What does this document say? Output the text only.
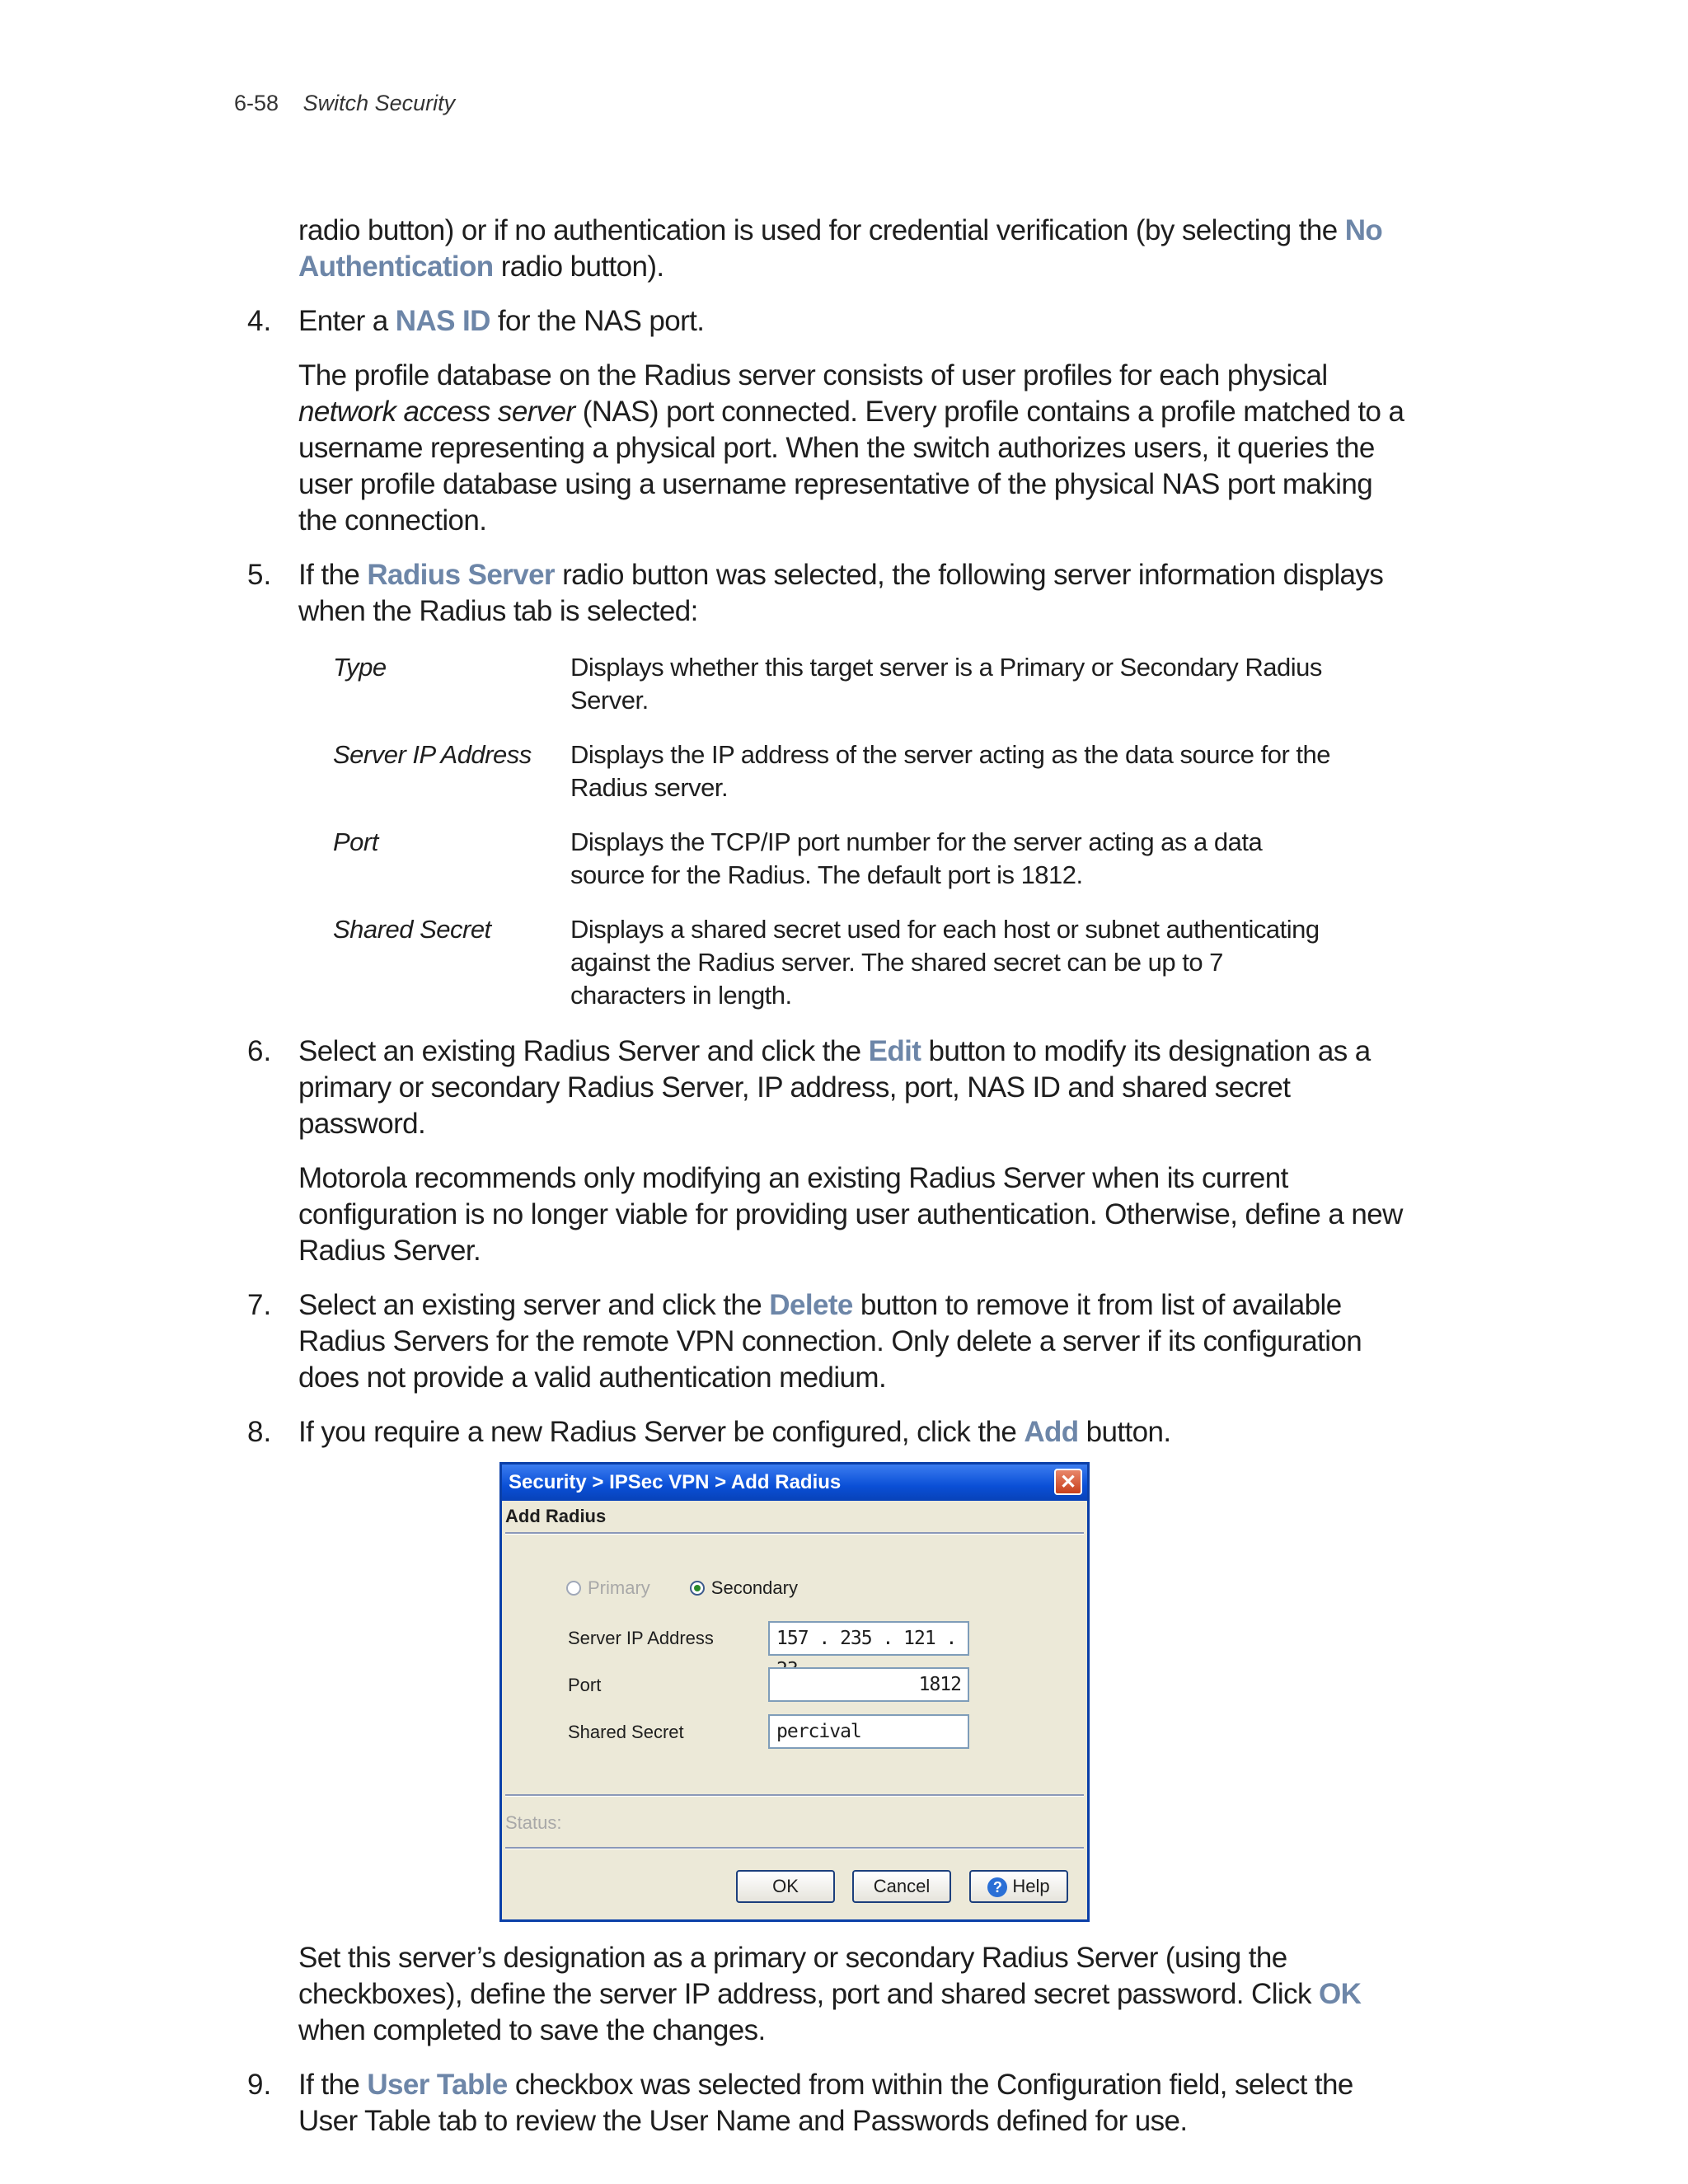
6-58 Switch Security

radio button) or if no authentication is used for credential verification (by selecting the No Authentication radio button).

4. Enter a NAS ID for the NAS port.

The profile database on the Radius server consists of user profiles for each physical network access server (NAS) port connected. Every profile contains a profile matched to a username representing a physical port. When the switch authorizes users, it queries the user profile database using a username representative of the physical NAS port making the connection.

5. If the Radius Server radio button was selected, the following server information displays when the Radius tab is selected:

Type	Displays whether this target server is a Primary or Secondary Radius Server.
Server IP Address	Displays the IP address of the server acting as the data source for the Radius server.
Port	Displays the TCP/IP port number for the server acting as a data source for the Radius. The default port is 1812.
Shared Secret	Displays a shared secret used for each host or subnet authenticating against the Radius server. The shared secret can be up to 7 characters in length.
6. Select an existing Radius Server and click the Edit button to modify its designation as a primary or secondary Radius Server, IP address, port, NAS ID and shared secret password.

Motorola recommends only modifying an existing Radius Server when its current configuration is no longer viable for providing user authentication. Otherwise, define a new Radius Server.

7. Select an existing server and click the Delete button to remove it from list of available Radius Servers for the remote VPN connection. Only delete a server if its configuration does not provide a valid authentication medium.

8. If you require a new Radius Server be configured, click the Add button.

Security > IPSec VPN > Add Radius	✕
Add Radius
Primary	Secondary
Server IP Address	157 . 235 . 121 .
Port	1812
Shared Secret	percival
Status:
OK	Cancel	? Help

Set this server’s designation as a primary or secondary Radius Server (using the checkboxes), define the server IP address, port and shared secret password. Click OK when completed to save the changes.

9. If the User Table checkbox was selected from within the Configuration field, select the User Table tab to review the User Name and Passwords defined for use.
